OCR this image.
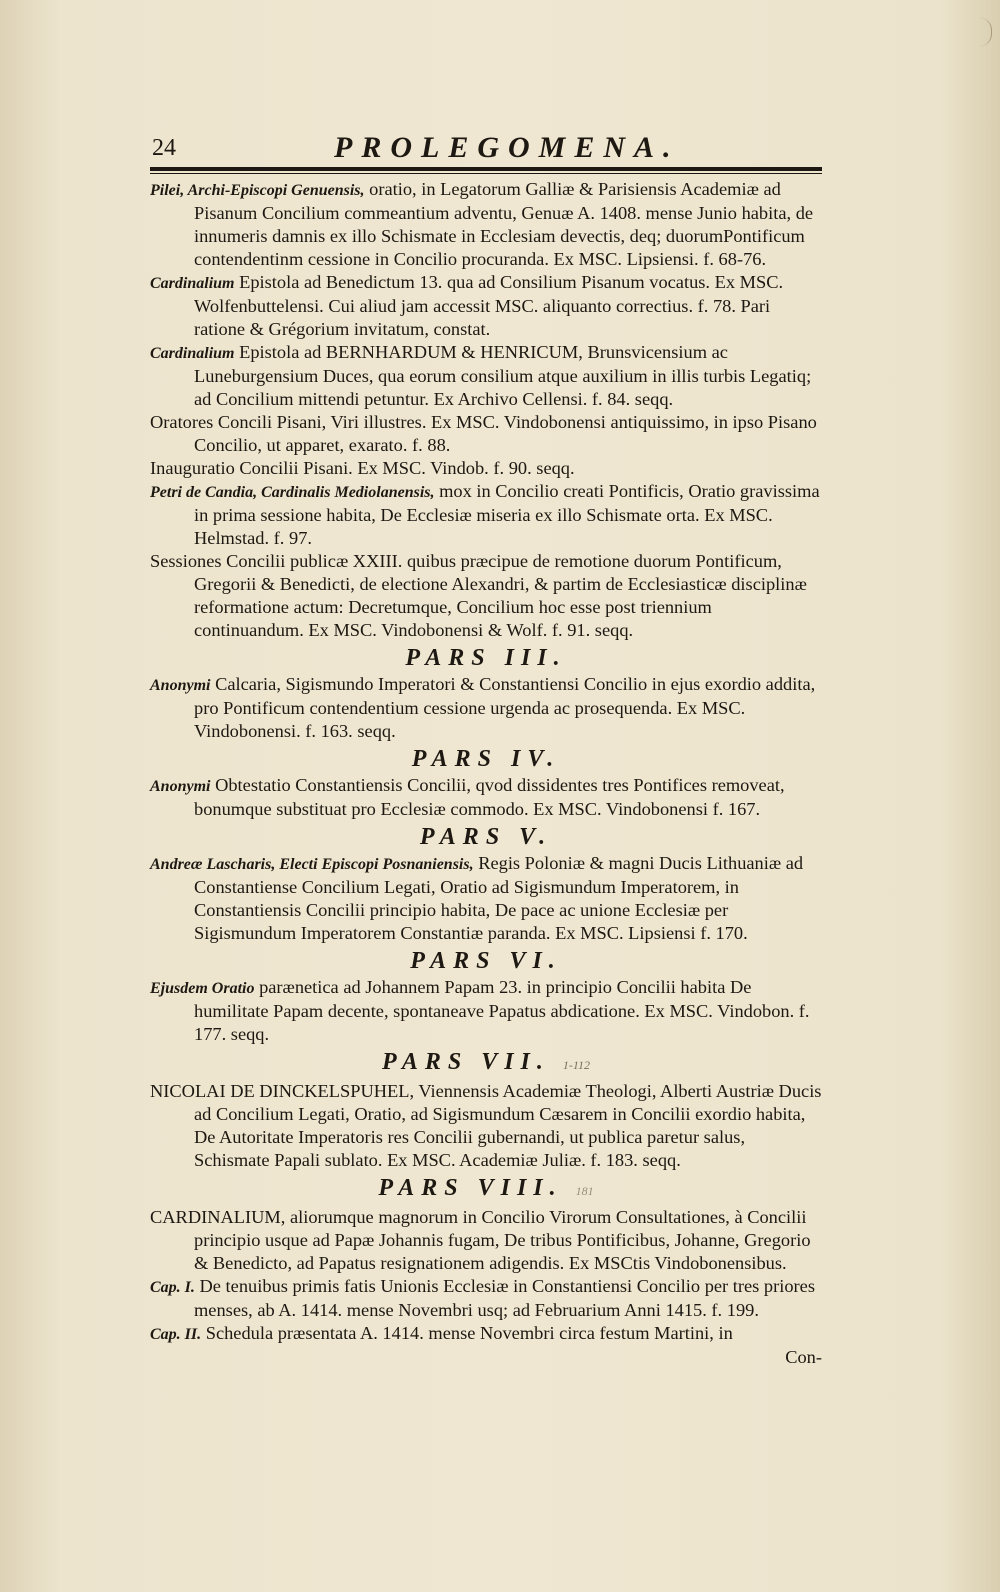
24	PROLEGOMENA.

Pilei, Archi-Episcopi Genuensis, oratio, in Legatorum Galliæ & Parisiensis Academiæ ad Pisanum Concilium commeantium adventu, Genuæ A. 1408. mense Junio habita, de innumeris damnis ex illo Schismate in Ecclesiam devectis, deq; duorumPontificum contendentinm cessione in Concilio procuranda. Ex MSC. Lipsiensi. f. 68-76.

Cardinalium Epistola ad Benedictum 13. qua ad Consilium Pisanum vocatus. Ex MSC. Wolfenbuttelensi. Cui aliud jam accessit MSC. aliquanto correctius. f. 78. Pari ratione & Grégorium invitatum, constat.

Cardinalium Epistola ad BERNHARDUM & HENRICUM, Brunsvicensium ac Luneburgensium Duces, qua eorum consilium atque auxilium in illis turbis Legatiq; ad Concilium mittendi petuntur. Ex Archivo Cellensi. f. 84. seqq.

Oratores Concili Pisani, Viri illustres. Ex MSC. Vindobonensi antiquissimo, in ipso Pisano Concilio, ut apparet, exarato. f. 88.

Inauguratio Concilii Pisani. Ex MSC. Vindob. f. 90. seqq.

Petri de Candia, Cardinalis Mediolanensis, mox in Concilio creati Pontificis, Oratio gravissima in prima sessione habita, De Ecclesiæ miseria ex illo Schismate orta. Ex MSC. Helmstad. f. 97.

Sessiones Concilii publicæ XXIII. quibus præcipue de remotione duorum Pontificum, Gregorii & Benedicti, de electione Alexandri, & partim de Ecclesiasticæ disciplinæ reformatione actum: Decretumque, Concilium hoc esse post triennium continuandum. Ex MSC. Vindobonensi & Wolf. f. 91. seqq.

PARS III.

Anonymi Calcaria, Sigismundo Imperatori & Constantiensi Concilio in ejus exordio addita, pro Pontificum contendentium cessione urgenda ac prosequenda. Ex MSC. Vindobonensi. f. 163. seqq.

PARS IV.

Anonymi Obtestatio Constantiensis Concilii, qvod dissidentes tres Pontifices removeat, bonumque substituat pro Ecclesiæ commodo. Ex MSC. Vindobonensi f. 167.

PARS V.

Andreæ Lascharis, Electi Episcopi Posnaniensis, Regis Poloniæ & magni Ducis Lithuaniæ ad Constantiense Concilium Legati, Oratio ad Sigismundum Imperatorem, in Constantiensis Concilii principio habita, De pace ac unione Ecclesiæ per Sigismundum Imperatorem Constantiæ paranda. Ex MSC. Lipsiensi f. 170.

PARS VI.

Ejusdem Oratio parænetica ad Johannem Papam 23. in principio Concilii habita De humilitate Papam decente, spontaneave Papatus abdicatione. Ex MSC. Vindobon. f. 177. seqq.

PARS VII. 1-112

NICOLAI DE DINCKELSPUHEL, Viennensis Academiæ Theologi, Alberti Austriæ Ducis ad Concilium Legati, Oratio, ad Sigismundum Cæsarem in Concilii exordio habita, De Autoritate Imperatoris res Concilii gubernandi, ut publica paretur salus, Schismate Papali sublato. Ex MSC. Academiæ Juliæ. f. 183. seqq.

PARS VIII. 181

CARDINALIUM, aliorumque magnorum in Concilio Virorum Consultationes, à Concilii principio usque ad Papæ Johannis fugam, De tribus Pontificibus, Johanne, Gregorio & Benedicto, ad Papatus resignationem adigendis. Ex MSCtis Vindobonensibus.

Cap. I. De tenuibus primis fatis Unionis Ecclesiæ in Constantiensi Concilio per tres priores menses, ab A. 1414. mense Novembri usq; ad Februarium Anni 1415. f. 199.

Cap. II. Schedula præsentata A. 1414. mense Novembri circa festum Martini, in

Con-
